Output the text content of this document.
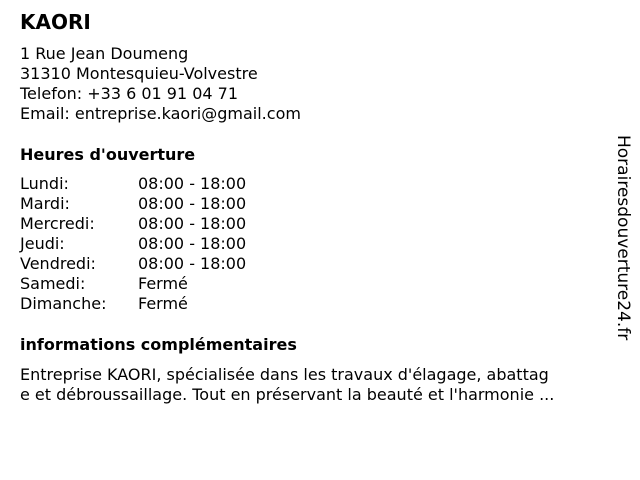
KAORI
1 Rue Jean Doumeng
31310 Montesquieu-Volvestre
Telefon: +33 6 01 91 04 71
Email: entreprise.kaori@gmail.com
Heures d'ouverture
Lundi:	08:00 - 18:00
Mardi:	08:00 - 18:00
Mercredi:	08:00 - 18:00
Jeudi:	08:00 - 18:00
Vendredi:	08:00 - 18:00
Samedi:	Fermé
Dimanche:	Fermé
informations complémentaires
Entreprise KAORI, spécialisée dans les travaux d'élagage, abattag
e et débroussaillage. Tout en préservant la beauté et l'harmonie ...
Horairesdouverture24.fr
